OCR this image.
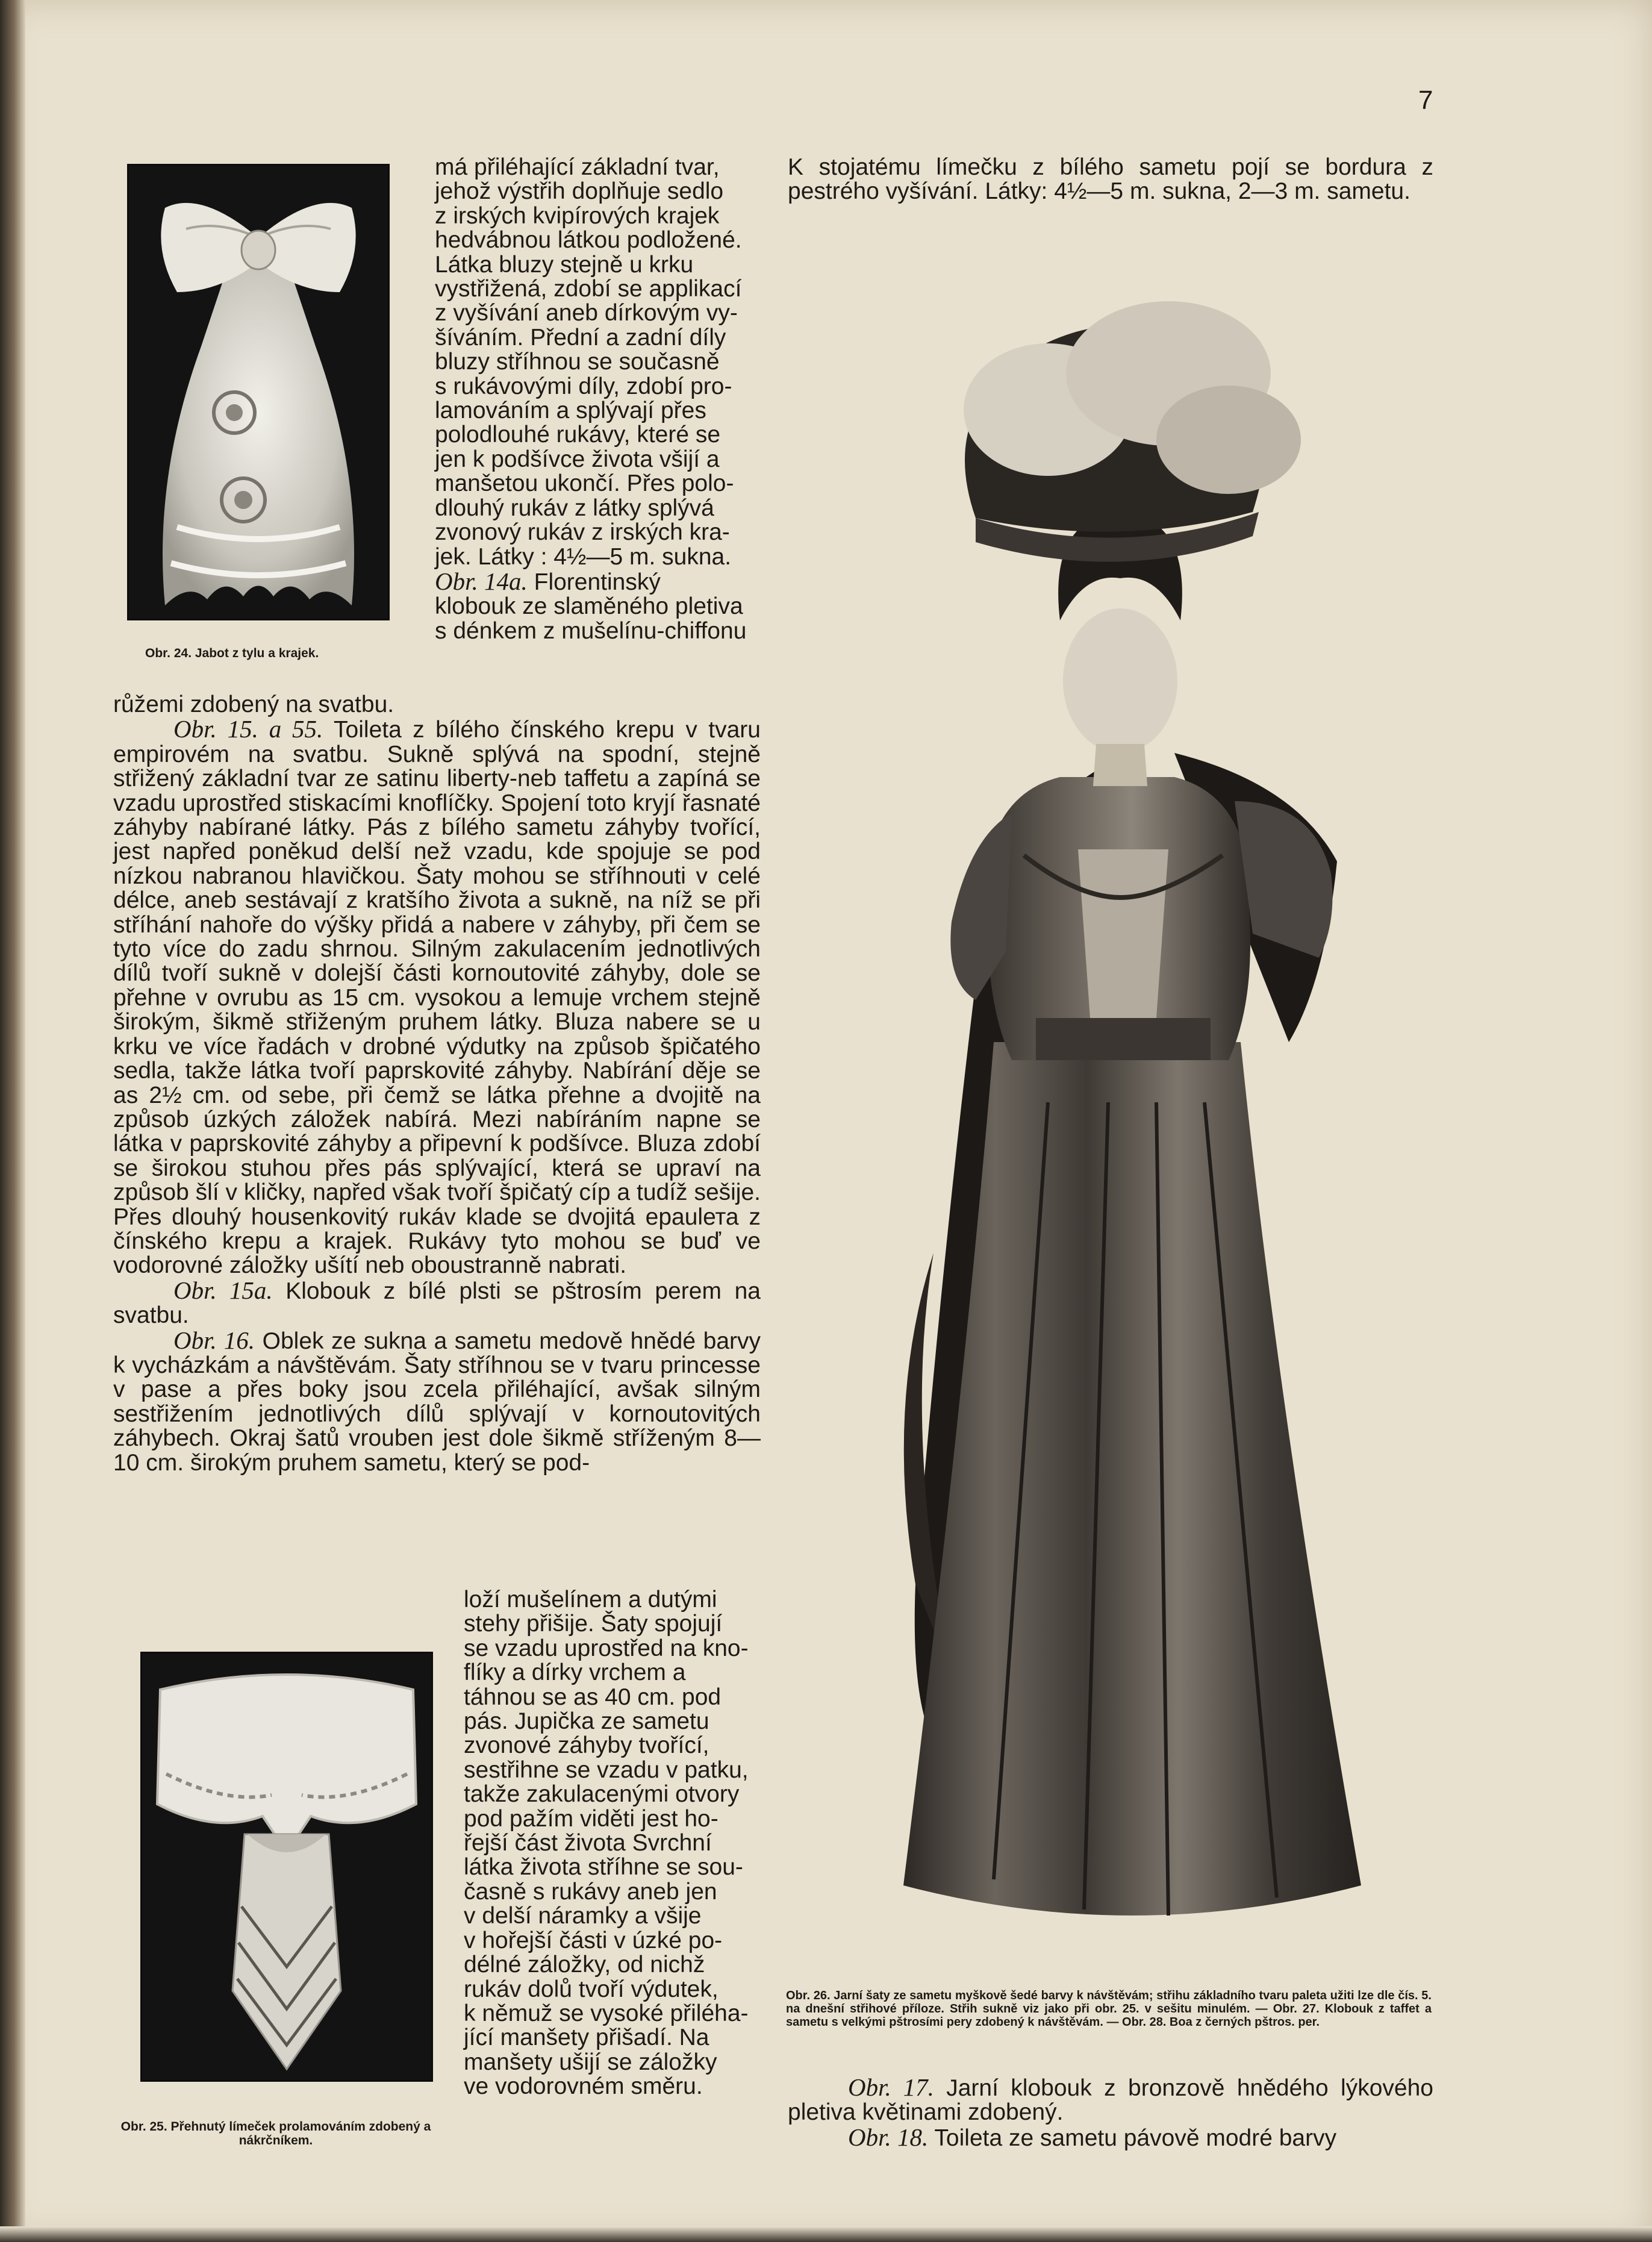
7
Obr. 24. Jabot z tylu a krajek.

má přiléhající základní tvar,

jehož výstřih doplňuje sedlo

z irských kvipírových krajek

hedvábnou látkou podložené.

Látka bluzy stejně u krku

vystřižená, zdobí se applikací

z vyšívání aneb dírkovým vy-

šíváním. Přední a zadní díly

bluzy stříhnou se současně

s rukávovými díly, zdobí pro-

lamováním a splývají přes

polodlouhé rukávy, které se

jen k podšívce života všijí a

manšetou ukončí. Přes polo-

dlouhý rukáv z látky splývá

zvonový rukáv z irských kra-

jek. Látky : 4½—5 m. sukna.

Obr. 14a. Florentinský

klobouk ze slaměného pletiva

s dénkem z mušelínu-chiffonu

růžemi zdobený na svatbu.

Obr. 15. a 55. Toileta z bílého čínského krepu v tvaru empirovém na svatbu. Sukně splývá na spodní, stejně střižený základní tvar ze satinu liberty-neb taffetu a zapíná se vzadu uprostřed stiskacími knoflíčky. Spojení toto kryjí řasnaté záhyby nabírané látky. Pás z bílého sametu záhyby tvořící, jest napřed poněkud delší než vzadu, kde spojuje se pod nízkou nabranou hlavičkou. Šaty mohou se stříhnouti v celé délce, aneb sestávají z kratšího života a sukně, na níž se při stříhání nahoře do výšky přidá a nabere v záhyby, při čem se tyto více do zadu shrnou. Silným zakulacením jednotlivých dílů tvoří sukně v dolejší části kornoutovité záhyby, dole se přehne v ovrubu as 15 cm. vysokou a lemuje vrchem stejně širokým, šikmě střiženým pruhem látky. Bluza nabere se u krku ve více řadách v drobné výdutky na způsob špičatého sedla, takže látka tvoří paprskovité záhyby. Nabírání děje se as 2½ cm. od sebe, při čemž se látka přehne a dvojitě na způsob úzkých záložek nabírá. Mezi nabíráním napne se látka v paprskovité záhyby a připevní k podšívce. Bluza zdobí se širokou stuhou přes pás splývající, která se upraví na způsob šlí v kličky, napřed však tvoří špičatý cíp a tudíž sešije. Přes dlouhý housenkovitý rukáv klade se dvojitá epaulета z čínského krepu a krajek. Rukávy tyto mohou se buď ve vodorovné záložky ušítí neb oboustranně nabrati.

Obr. 15a. Klobouk z bílé plsti se pštrosím perem na svatbu.

Obr. 16. Oblek ze sukna a sametu medově hnědé barvy k vycházkám a návštěvám. Šaty stříhnou se v tvaru princesse v pase a přes boky jsou zcela přiléhající, avšak silným sestřižením jednotlivých dílů splývají v kornoutovitých záhybech. Okraj šatů vrouben jest dole šikmě stříženým 8—10 cm. širokým pruhem sametu, který se pod-

Obr. 25. Přehnutý límeček prolamováním zdobený a nákrčníkem.

loží mušelínem a dutými

stehy přišije. Šaty spojují

se vzadu uprostřed na kno-

flíky a dírky vrchem a

táhnou se as 40 cm. pod

pás. Jupička ze sametu

zvonové záhyby tvořící,

sestřihne se vzadu v patku,

takže zakulacenými otvory

pod pažím viděti jest ho-

řejší část života Svrchní

látka života stříhne se sou-

časně s rukávy aneb jen

v delší náramky a všije

v hořejší části v úzké po-

délné záložky, od nichž

rukáv dolů tvoří výdutek,

k němuž se vysoké přiléha-

jící manšety přišadí. Na

manšety ušijí se záložky

ve vodorovném směru.

K stojatému límečku z bílého sametu pojí se bordura z pestrého vyšívání. Látky: 4½—5 m. sukna, 2—3 m. sametu.

Obr. 26. Jarní šaty ze sametu myškově šedé barvy k návštěvám; střihu základního tvaru paleta užiti lze dle čís. 5. na dnešní střihové příloze. Střih sukně viz jako při obr. 25. v sešitu minulém. — Obr. 27. Klobouk z taffet a sametu s velkými pštrosími pery zdobený k návštěvám. — Obr. 28. Boa z černých pštros. per.

Obr. 17. Jarní klobouk z bronzově hnědého lýkového pletiva květinami zdobený.

Obr. 18. Toileta ze sametu pávově modré barvy
